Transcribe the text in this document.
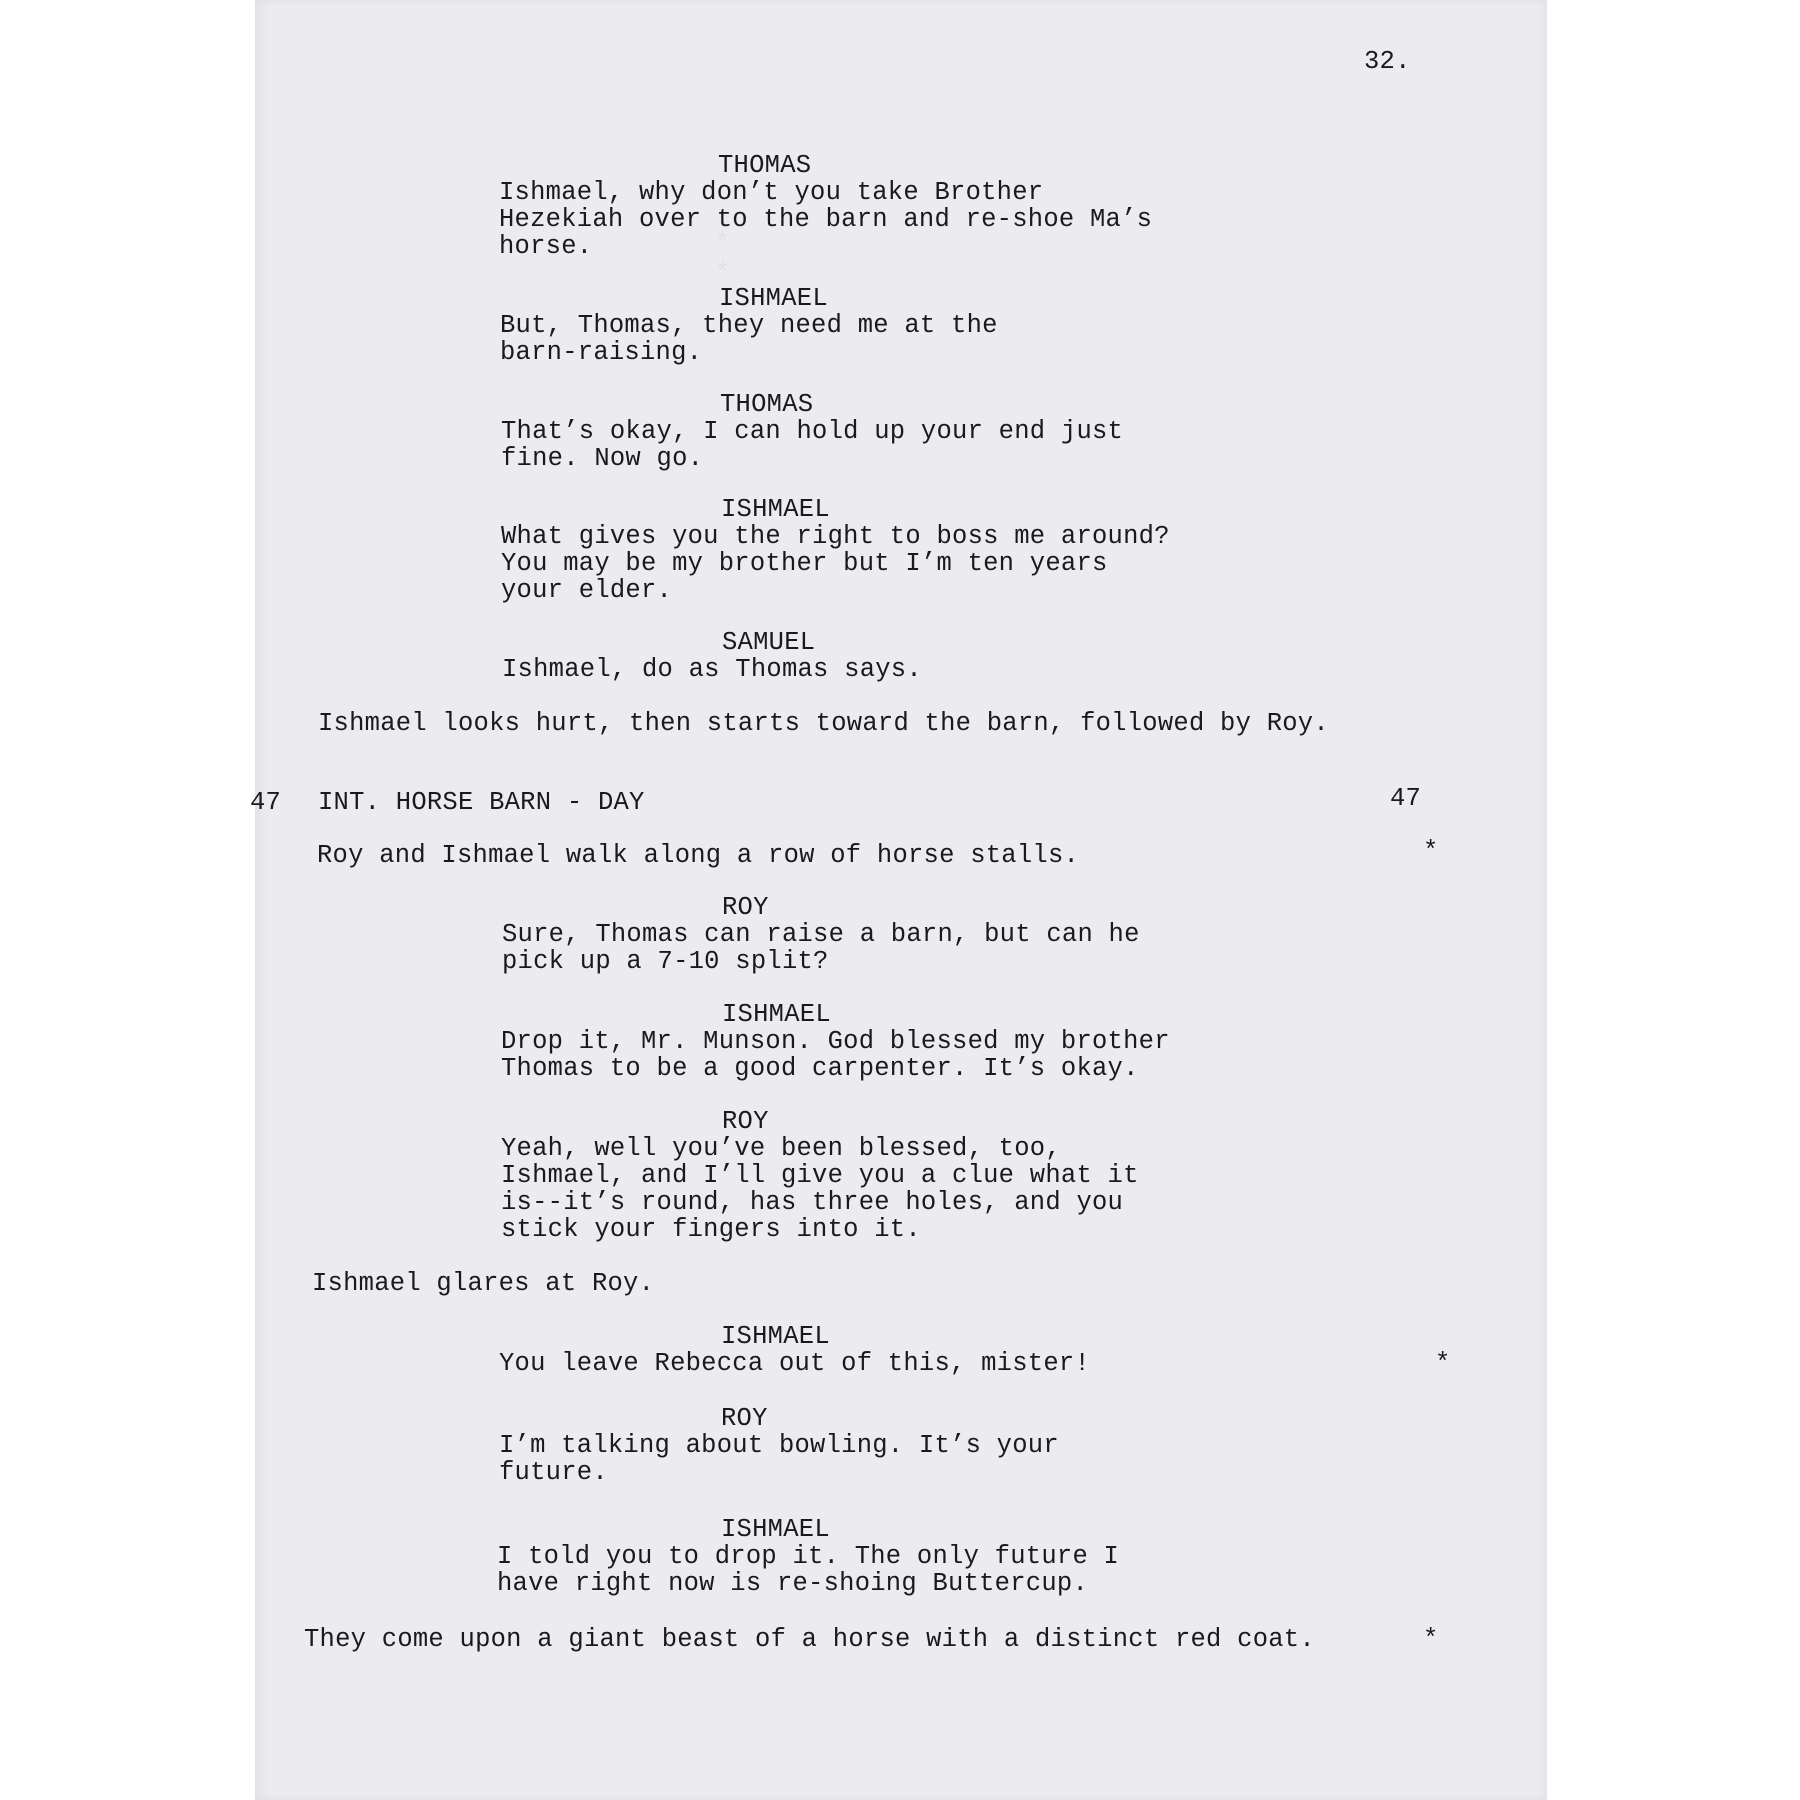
*
*
32.
THOMAS
Ishmael, why don’t you take Brother
Hezekiah over to the barn and re-shoe Ma’s
horse.
ISHMAEL
But, Thomas, they need me at the
barn-raising.
THOMAS
That’s okay, I can hold up your end just
fine. Now go.
ISHMAEL
What gives you the right to boss me around?
You may be my brother but I’m ten years
your elder.
SAMUEL
Ishmael, do as Thomas says.
Ishmael looks hurt, then starts toward the barn, followed by Roy.
47 INT. HORSE BARN - DAY	47
Roy and Ishmael walk along a row of horse stalls.	*
ROY
Sure, Thomas can raise a barn, but can he
pick up a 7-10 split?
ISHMAEL
Drop it, Mr. Munson. God blessed my brother
Thomas to be a good carpenter. It’s okay.
ROY
Yeah, well you’ve been blessed, too,
Ishmael, and I’ll give you a clue what it
is--it’s round, has three holes, and you
stick your fingers into it.
Ishmael glares at Roy.
ISHMAEL
You leave Rebecca out of this, mister!	*
ROY
I’m talking about bowling. It’s your
future.
ISHMAEL
I told you to drop it. The only future I
have right now is re-shoing Buttercup.
They come upon a giant beast of a horse with a distinct red coat.	*
